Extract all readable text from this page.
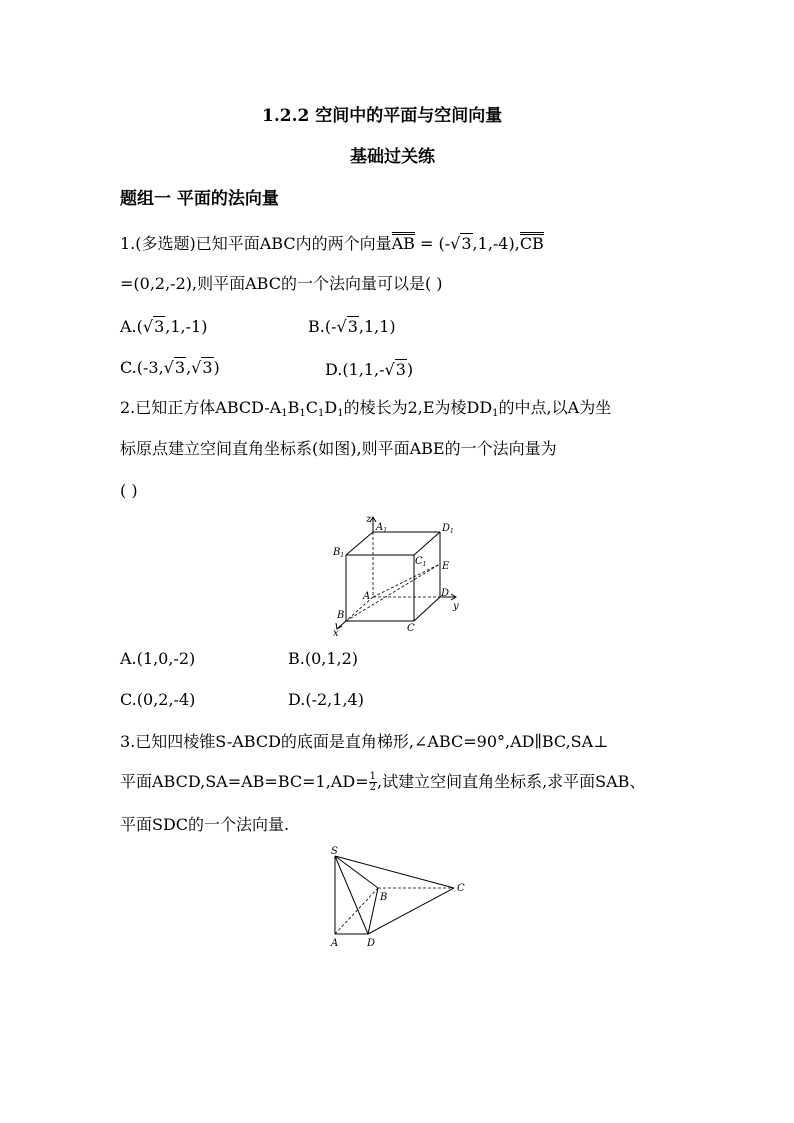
1.2.2 空间中的平面与空间向量
基础过关练
题组一 平面的法向量
1.(多选题)已知平面ABC内的两个向量AB = (-√3,1,-4),CB
=(0,2,-2),则平面ABC的一个法向量可以是( )
A.(√3,1,-1)	B.(-√3,1,1)
C.(-3,√3,√3)	D.(1,1,-√3)
2.已知正方体ABCD-$A_1B_1C_1D_1$的棱长为2,E为棱$DD_1$的中点,以A为坐
标原点建立空间直角坐标系(如图),则平面ABE的一个法向量为
( )
z
$A_1$	$D_1$
$B_1$
$C_1$ E
A	D
y
B
C
x
A.(1,0,-2)	B.(0,1,2)
C.(0,2,-4)	D.(-2,1,4)
3.已知四棱锥S-ABCD的底面是直角梯形,∠ABC=90°,AD∥BC,SA⊥
平面ABCD,SA=AB=BC=1,AD= $\frac{1}{2}$ ,试建立空间直角坐标系,求平面SAB、
平面SDC的一个法向量.
S
B
C
A	D
